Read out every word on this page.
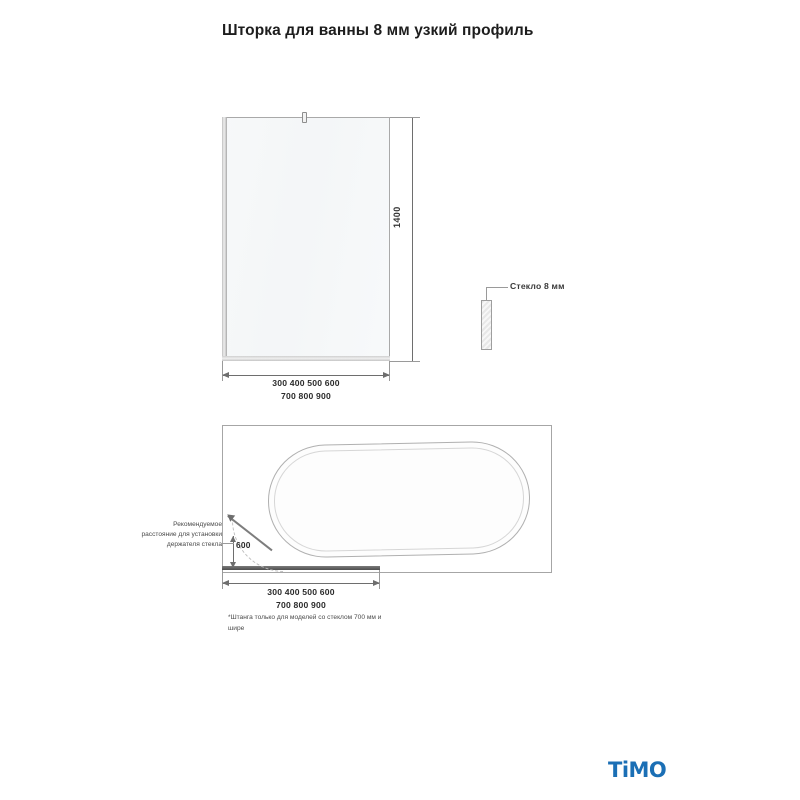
Шторка для ванны 8 мм узкий профиль
1400
300 400 500 600
700 800 900
Стекло 8 мм
600
Рекомендуемое расстояние для установки держателя стекла
300 400 500 600
700 800 900
*Штанга только для моделей со стеклом 700 мм и шире
TiMO
